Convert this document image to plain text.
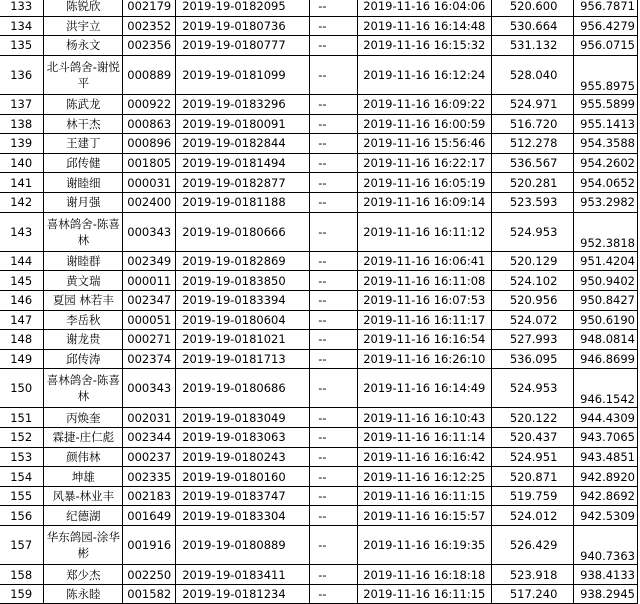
133	陈锐欣	002179	2019-19-0182095	--	2019-11-16 16:04:06	520.600	956.7871
134	洪宇立	002352	2019-19-0180736	--	2019-11-16 16:14:48	530.664	956.4279
135	杨永文	002356	2019-19-0180777	--	2019-11-16 16:15:32	531.132	956.0715
136	北斗鸽舍-谢悦平	000889	2019-19-0181099	--	2019-11-16 16:12:24	528.040	955.8975
137	陈武龙	000922	2019-19-0183296	--	2019-11-16 16:09:22	524.971	955.5899
138	林干杰	000863	2019-19-0180091	--	2019-11-16 16:00:59	516.720	955.1413
139	王建丁	000896	2019-19-0182844	--	2019-11-16 15:56:46	512.278	954.3588
140	邱传健	001805	2019-19-0181494	--	2019-11-16 16:22:17	536.567	954.2602
141	谢睦细	000031	2019-19-0182877	--	2019-11-16 16:05:19	520.281	954.0652
142	谢月强	002400	2019-19-0181188	--	2019-11-16 16:09:14	523.593	953.2982
143	喜林鸽舍-陈喜林	000343	2019-19-0180666	--	2019-11-16 16:11:12	524.953	952.3818
144	谢睦群	002349	2019-19-0182869	--	2019-11-16 16:06:41	520.129	951.4204
145	黄文瑞	000011	2019-19-0183850	--	2019-11-16 16:11:08	524.102	950.9402
146	夏园 林若丰	002347	2019-19-0183394	--	2019-11-16 16:07:53	520.956	950.8427
147	李岳秋	000051	2019-19-0180604	--	2019-11-16 16:11:17	524.072	950.6190
148	谢龙贵	000271	2019-19-0181021	--	2019-11-16 16:16:54	527.993	948.0814
149	邱传涛	002374	2019-19-0181713	--	2019-11-16 16:26:10	536.095	946.8699
150	喜林鸽舍-陈喜林	000343	2019-19-0180686	--	2019-11-16 16:14:49	524.953	946.1542
151	丙焕奎	002031	2019-19-0183049	--	2019-11-16 16:10:43	520.122	944.4309
152	霖捷-庄仁彪	002344	2019-19-0183063	--	2019-11-16 16:11:14	520.437	943.7065
153	颜伟林	000237	2019-19-0180243	--	2019-11-16 16:16:42	524.951	943.4851
154	坤雄	002335	2019-19-0180160	--	2019-11-16 16:12:25	520.871	942.8920
155	风暴-林业丰	002183	2019-19-0183747	--	2019-11-16 16:11:15	519.759	942.8692
156	纪德湖	001649	2019-19-0183304	--	2019-11-16 16:15:57	524.012	942.5309
157	华东鸽园-涂华彬	001916	2019-19-0180889	--	2019-11-16 16:19:35	526.429	940.7363
158	郑少杰	002250	2019-19-0183411	--	2019-11-16 16:18:18	523.918	938.4133
159	陈永睦	001582	2019-19-0181234	--	2019-11-16 16:11:15	517.240	938.2945
